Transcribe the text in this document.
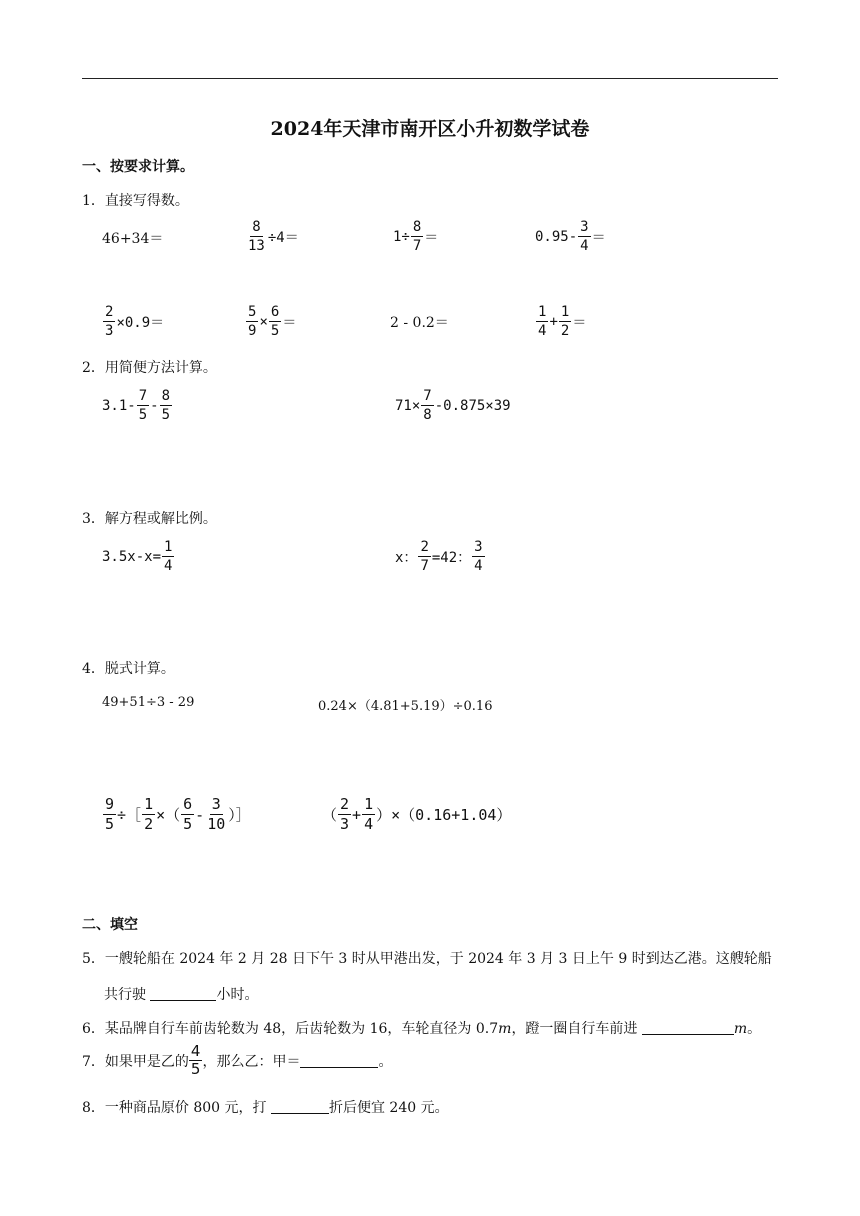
2024年天津市南开区小升初数学试卷
一、按要求计算。
1．直接写得数。
46+34＝	$\frac{8}{13} \div 4=$	$1\div \frac{8}{7}$ ＝	$0.95- \frac{3}{4}$ ＝
$\frac{2}{3} \times 0.9=$	$\frac{5}{9} \times \frac{6}{5}$ ＝	2 - 0.2＝	$\frac{1}{4} + \frac{1}{2}$ ＝
2．用简便方法计算。
$3.1- \frac{7}{5} - \frac{8}{5}$	$71\times \frac{7}{8} -0.875\times 39$
3．解方程或解比例。
$3.5x-x= \frac{1}{4}$	x： $\frac{2}{7} =42$： $\frac{3}{4}$
4．脱式计算。
49+51÷3 - 29	0.24×（4.81+5.19）÷0.16
$\frac{9}{5}$ ÷［ $\frac{1}{2}$ ×（ $\frac{6}{5} - \frac{3}{10}$ ）］	（ $\frac{2}{3} + \frac{1}{4} )\times(0.16+1.04)$
二、填空
5．一艘轮船在 2024 年 2 月 28 日下午 3 时从甲港出发，于 2024 年 3 月 3 日上午 9 时到达乙港。这艘轮船
共行驶	小时。
6．某品牌自行车前齿轮数为 48，后齿轮数为 16，车轮直径为 0.7m，蹬一圈自行车前进	m。
7．如果甲是乙的
4
5 ，那么乙：甲＝	。
8．一种商品原价 800 元，打	折后便宜 240 元。
